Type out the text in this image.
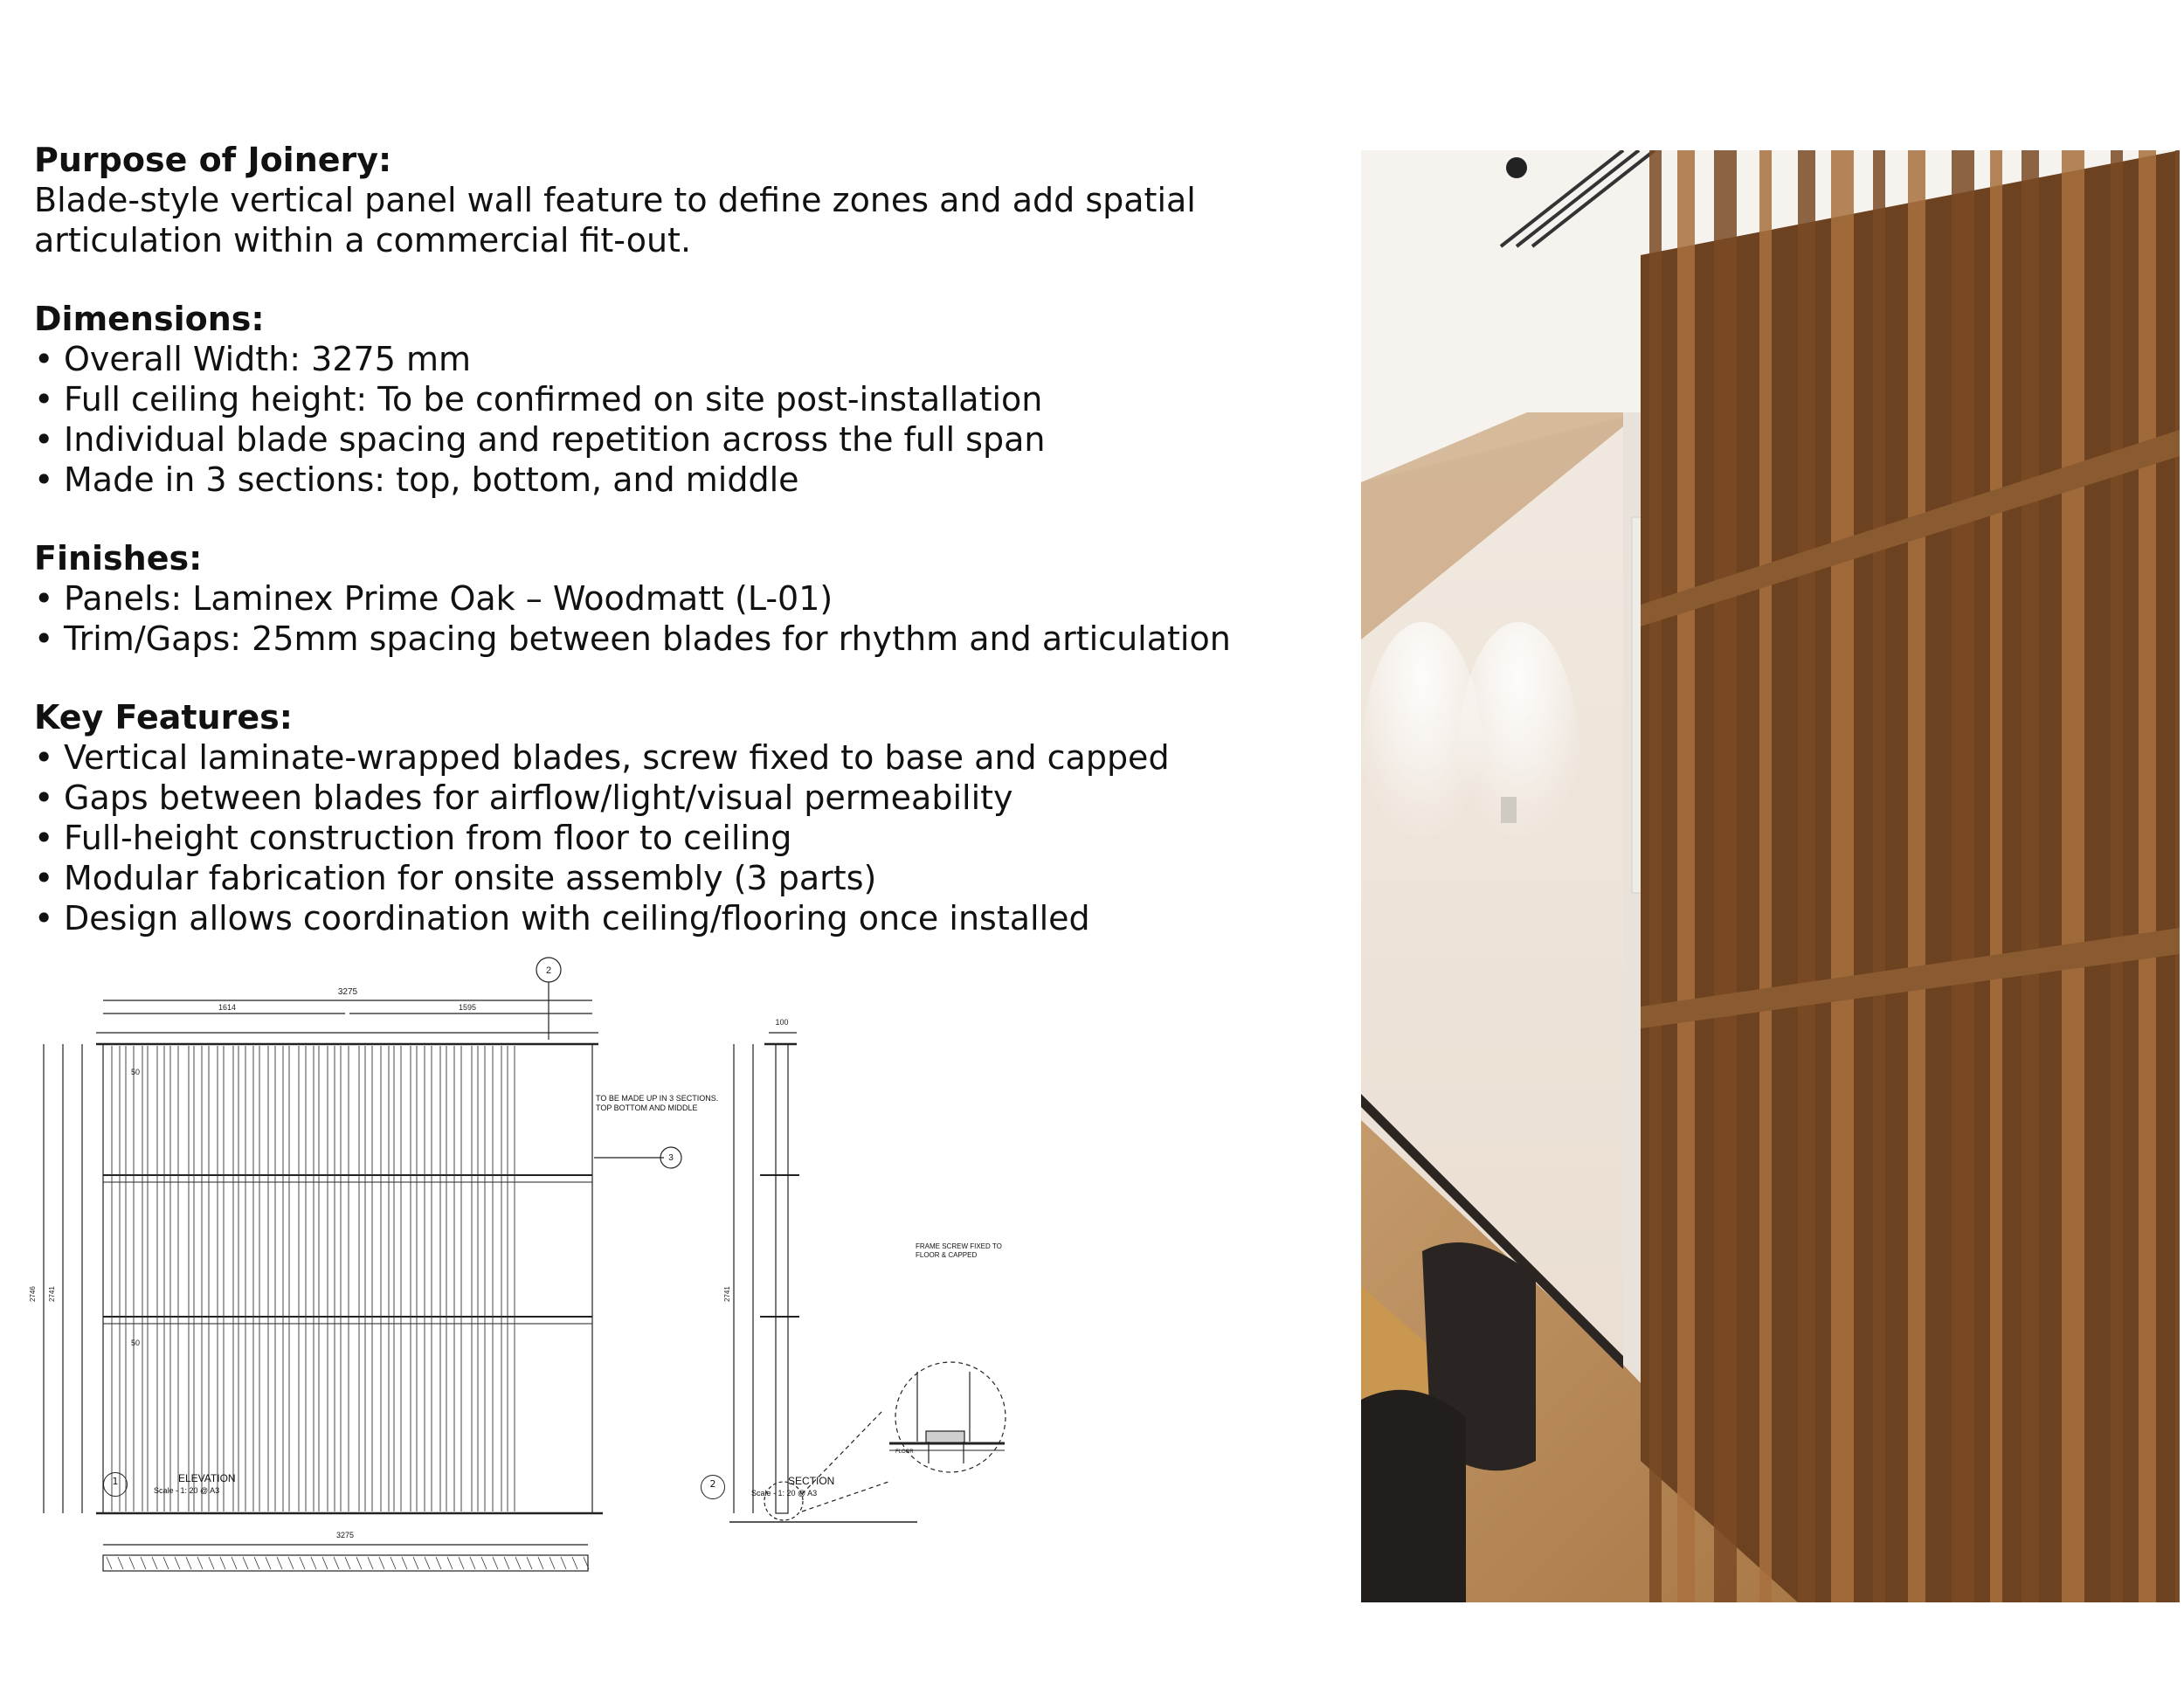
Purpose of Joinery:
Blade-style vertical panel wall feature to define zones and add spatial articulation within a commercial fit-out.
Dimensions:
• Overall Width: 3275 mm
• Full ceiling height: To be confirmed on site post-installation
• Individual blade spacing and repetition across the full span
• Made in 3 sections: top, bottom, and middle
Finishes:
• Panels: Laminex Prime Oak – Woodmatt (L-01)
• Trim/Gaps: 25mm spacing between blades for rhythm and articulation
Key Features:
• Vertical laminate-wrapped blades, screw fixed to base and capped
• Gaps between blades for airflow/light/visual permeability
• Full-height construction from floor to ceiling
• Modular fabrication for onsite assembly (3 parts)
• Design allows coordination with ceiling/flooring once installed
3275
1614	1595
2
3
50
50
100
FLOOR
2746 2741	2741
TO BE MADE UP IN 3 SECTIONS. TOP BOTTOM AND MIDDLE
FRAME SCREW FIXED TO FLOOR & CAPPED
1	ELEVATION
Scale - 1: 20 @ A3
2	SECTION
Scale - 1: 20 @ A3
3275
